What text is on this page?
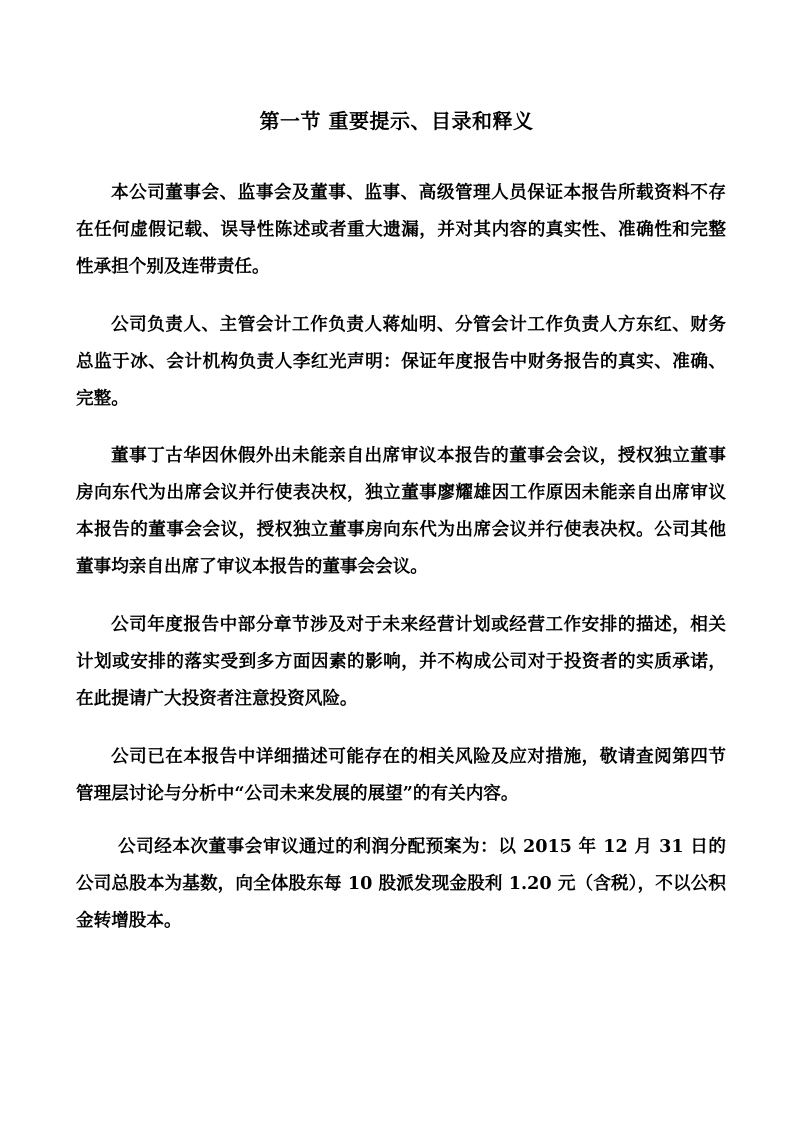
第一节 重要提示、目录和释义

本公司董事会、监事会及董事、监事、高级管理人员保证本报告所载资料不存在任何虚假记载、误导性陈述或者重大遗漏，并对其内容的真实性、准确性和完整性承担个别及连带责任。

公司负责人、主管会计工作负责人蒋灿明、分管会计工作负责人方东红、财务总监于冰、会计机构负责人李红光声明：保证年度报告中财务报告的真实、准确、完整。

董事丁古华因休假外出未能亲自出席审议本报告的董事会会议，授权独立董事房向东代为出席会议并行使表决权，独立董事廖耀雄因工作原因未能亲自出席审议本报告的董事会会议，授权独立董事房向东代为出席会议并行使表决权。公司其他董事均亲自出席了审议本报告的董事会会议。

公司年度报告中部分章节涉及对于未来经营计划或经营工作安排的描述，相关计划或安排的落实受到多方面因素的影响，并不构成公司对于投资者的实质承诺，在此提请广大投资者注意投资风险。

公司已在本报告中详细描述可能存在的相关风险及应对措施，敬请查阅第四节管理层讨论与分析中“公司未来发展的展望”的有关内容。

公司经本次董事会审议通过的利润分配预案为：以 2015 年 12 月 31 日的公司总股本为基数，向全体股东每 10 股派发现金股利 1.20 元（含税），不以公积金转增股本。
